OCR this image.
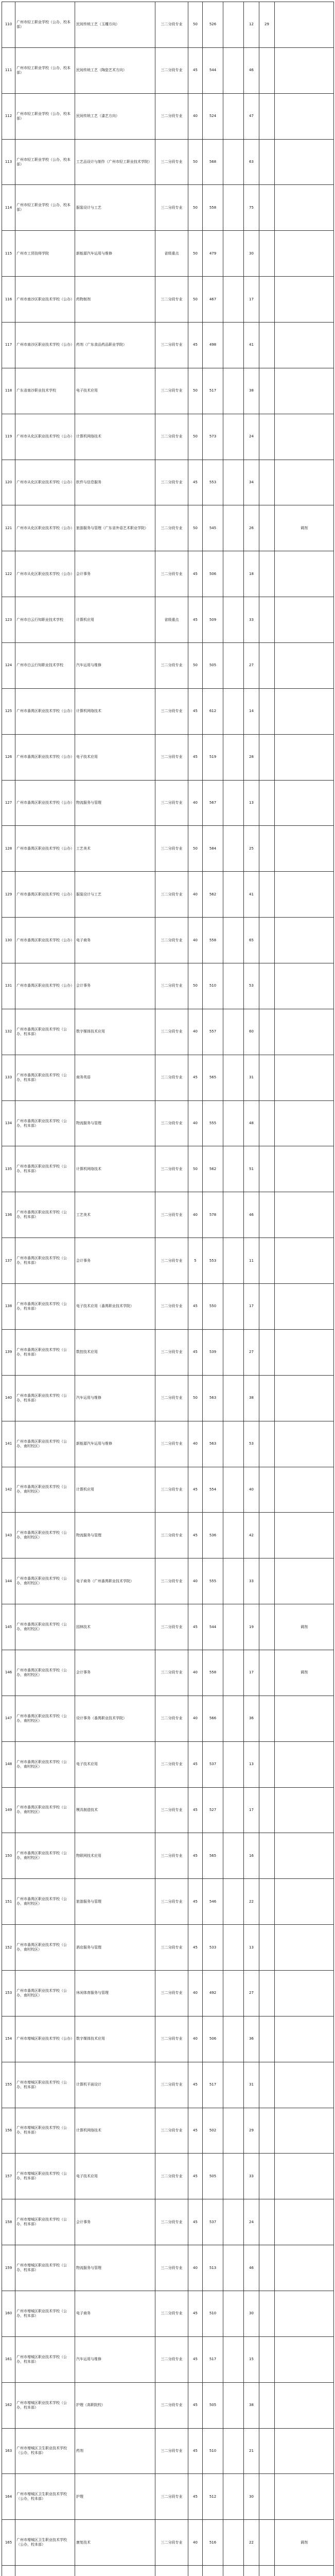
110	广州市轻工职业学校（公办，校本部）	民间传统工艺（玉雕方向）	三二分段专业	50	526		12	29	
111	广州市轻工职业学校（公办，校本部）	民间传统工艺（陶瓷艺术方向）	三二分段专业	45	544		46		
112	广州市轻工职业学校（公办，校本部）	民间传统工艺（漆艺方向）	三二分段专业	40	524		47		
113	广州市轻工职业学校（公办，校本部）	工艺品设计与制作（广州市轻工职业技术学院）	三二分段专业	50	568		63		
114	广州市轻工职业学校（公办，校本部）	服装设计与工艺	三二分段专业	50	558		75		
115	广州市工贸技师学院	新能源汽车运用与维修	省级重点	50	479		30		
116	广州市南沙区职业技术学校（公办）	药物制剂	三二分段专业	50	467		17		
117	广州市南沙区职业技术学校（公办）	药剂（广东食品药品职业学院）	三二分段专业	45	498		41		
118	广东省南沙职业技术学校	电子技术应用	三二分段专业	50	517		38		
119	广州市从化区职业技术学校（公办）	计算机网络技术	三二分段专业	50	573		24		
120	广州市从化区职业技术学校（公办）	软件与信息服务	三二分段专业	45	553		34		
121	广州市从化区职业技术学校（公办）	旅游服务与管理（广东省外语艺术职业学院）	三二分段专业	50	545		26		调剂
122	广州市从化区职业技术学校（公办）	会计事务	三二分段专业	45	506		18		
123	广州市白云行知职业技术学校	计算机应用	省级重点	45	509		33		
124	广州市白云行知职业技术学校	汽车运用与维修	三二分段专业	50	505		27		
125	广州市番禺区职业技术学校（公办）	计算机网络技术	三二分段专业	45	612		14		
126	广州市番禺区职业技术学校（公办）	电子技术应用	三二分段专业	45	519		28		
127	广州市番禺区职业技术学校（公办）	物流服务与管理	三二分段专业	40	567		13		
128	广州市番禺区职业技术学校（公办）	工艺美术	三二分段专业	50	584		25		
129	广州市番禺区职业技术学校（公办）	服装设计与工艺	三二分段专业	40	562		41		
130	广州市番禺区职业技术学校（公办）	电子商务	三二分段专业	40	558		65		
131	广州市番禺区职业技术学校（公办）	会计事务	三二分段专业	50	510		53		
132	广州市番禺区职业技术学校（公办，校本部）	数字媒体技术应用	三二分段专业	40	557		60		
133	广州市番禺区职业技术学校（公办，校本部）	商务英语	三二分段专业	45	565		31		
134	广州市番禺区职业技术学校（公办，校本部）	物流服务与管理	三二分段专业	40	555		48		
135	广州市番禺区职业技术学校（公办，校本部）	计算机网络技术	三二分段专业	50	562		51		
136	广州市番禺区职业技术学校（公办，校本部）	工艺美术	三二分段专业	40	578		46		
137	广州市番禺区职业技术学校（公办，校本部）	会计事务	三二分段专业	5	553		11		
138	广州市番禺区职业技术学校（公办，校本部）	电子技术应用（番禺职业技术学院）	三二分段专业	45	550		17		
139	广州市番禺区职业技术学校（公办，校本部）	数控技术应用	三二分段专业	45	539		27		
140	广州市番禺区职业技术学校（公办，校本部）	汽车运用与维修	三二分段专业	50	563		38		
141	广州市番禺区职业技术学校（公办，南村校区）	新能源汽车运用与维修	三二分段专业	40	563		53		
142	广州市番禺区职业技术学校（公办，南村校区）	计算机应用	三二分段专业	45	554		40		
143	广州市番禺区职业技术学校（公办，南村校区）	物流服务与管理	三二分段专业	45	536		42		
144	广州市番禺区职业技术学校（公办，南村校区）	电子商务（广州番禺职业技术学院）	三二分段专业	40	555		33		
145	广州市番禺区职业技术学校（公办，南村校区）	园林技术	三二分段专业	45	544		19		调剂
146	广州市番禺区职业技术学校（公办，南村校区）	会计事务	三二分段专业	40	558		17		调剂
147	广州市番禺区职业技术学校（公办，南村校区）	设计事务（番禺职业技术学院）	三二分段专业	40	566		36		
148	广州市番禺区职业技术学校（公办，南村校区）	电子技术应用	三二分段专业	45	537		13		
149	广州市番禺区职业技术学校（公办，南村校区）	模具制造技术	三二分段专业	45	527		17		
150	广州市番禺区职业技术学校（公办，南村校区）	物联网技术应用	三二分段专业	45	565		16		
151	广州市番禺区职业技术学校（公办，南村校区）	旅游服务与管理	三二分段专业	45	546		22		
152	广州市番禺区职业技术学校（公办，南村校区）	酒店服务与管理	三二分段专业	45	533		13		
153	广州市番禺区职业技术学校（公办，南村校区）	休闲体育服务与管理	三二分段专业	40	492		27		
154	广州市增城区职业技术学校（公办）	数字媒体技术应用	三二分段专业	40	506		36		
155	广州市增城区职业技术学校（公办，校本部）	计算机平面设计	三二分段专业	45	517		31		
156	广州市增城区职业技术学校（公办，校本部）	计算机网络技术	三二分段专业	45	502		29		
157	广州市增城区职业技术学校（公办，校本部）	电子技术应用	三二分段专业	45	505		33		
158	广州市增城区职业技术学校（公办，校本部）	会计事务	三二分段专业	45	537		24		
159	广州市增城区职业技术学校（公办，校本部）	物流服务与管理	三二分段专业	40	513		46		
160	广州市增城区职业技术学校（公办，校本部）	电子商务	三二分段专业	45	510		30		
161	广州市增城区职业技术学校（公办，校本部）	汽车运用与维修	三二分段专业	45	517		15		
162	广州市增城区职业技术学校（公办，校本部）	护理（高职院校）	三二分段专业	45	505		38		
163	广州市增城区卫生职业技术学校（公办，校本部）	药剂	三二分段专业	45	510		21		
164	广州市增城区卫生职业技术学校（公办，校本部）	护理	三二分段专业	45	512		30		
165	广州市增城区卫生职业技术学校（公办，校本部）	康复技术	三二分段专业	40	516		22		调剂
